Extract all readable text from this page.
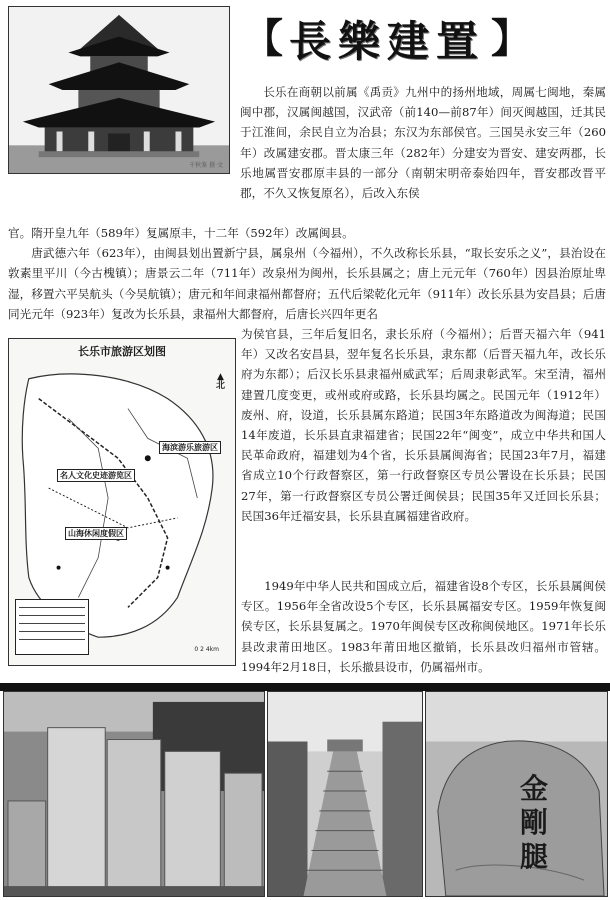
千秋鉴 摄·文
【 長樂建置 】

长乐在商朝以前属《禹贡》九州中的扬州地域，周属七闽地，秦属闽中郡，汉属闽越国，汉武帝（前140—前87年）间灭闽越国，迁其民于江淮间，余民自立为冶县；东汉为东部侯官。三国吴永安三年（260年）改属建安郡。晋太康三年（282年）分建安为晋安、建安两郡，长乐地属晋安郡原丰县的一部分（南朝宋明帝泰始四年，晋安郡改晋平郡，不久又恢复原名），后改入东侯

官。隋开皇九年（589年）复属原丰，十二年（592年）改属闽县。

唐武德六年（623年），由闽县划出置新宁县，属泉州（今福州），不久改称长乐县，“取长安乐之义”，县治设在敦素里平川（今古槐镇）；唐景云二年（711年）改泉州为闽州，长乐县属之；唐上元元年（760年）因县治原址卑湿，移置六平吴航头（今吴航镇）；唐元和年间隶福州都督府；五代后梁乾化元年（911年）改长乐县为安昌县；后唐同光元年（923年）复改为长乐县，隶福州大都督府，后唐长兴四年更名

长乐市旅游区划图
▲
北
名人文化史迹游览区
海滨游乐旅游区
山海休闲度假区
0 2 4km

1949年中华人民共和国成立后，福建省设8个专区，长乐县属闽侯专区。1956年全省改设5个专区，长乐县属福安专区。1959年恢复闽侯专区，长乐县复属之。1970年闽侯专区改称闽侯地区。1971年长乐县改隶莆田地区。1983年莆田地区撤销，长乐县改归福州市管辖。1994年2月18日，长乐撤县设市，仍属福州市。

为侯官县，三年后复旧名，隶长乐府（今福州）；后晋天福六年（941年）又改名安昌县，翌年复名长乐县，隶东都（后晋天福九年，改长乐府为东都）；后汉长乐县隶福州威武军；后周隶彰武军。宋至清，福州建置几度变更，或州或府或路，长乐县均属之。民国元年（1912年）废州、府，设道，长乐县属东路道；民国3年东路道改为闽海道；民国14年废道，长乐县直隶福建省；民国22年“闽变”，成立中华共和国人民革命政府，福建划为4个省，长乐县属闽海省；民国23年7月，福建省成立10个行政督察区，第一行政督察区专员公署设在长乐县；民国27年，第一行政督察区专员公署迁闽侯县；民国35年又迁回长乐县；民国36年迁福安县，长乐县直属福建省政府。

金剛腿
